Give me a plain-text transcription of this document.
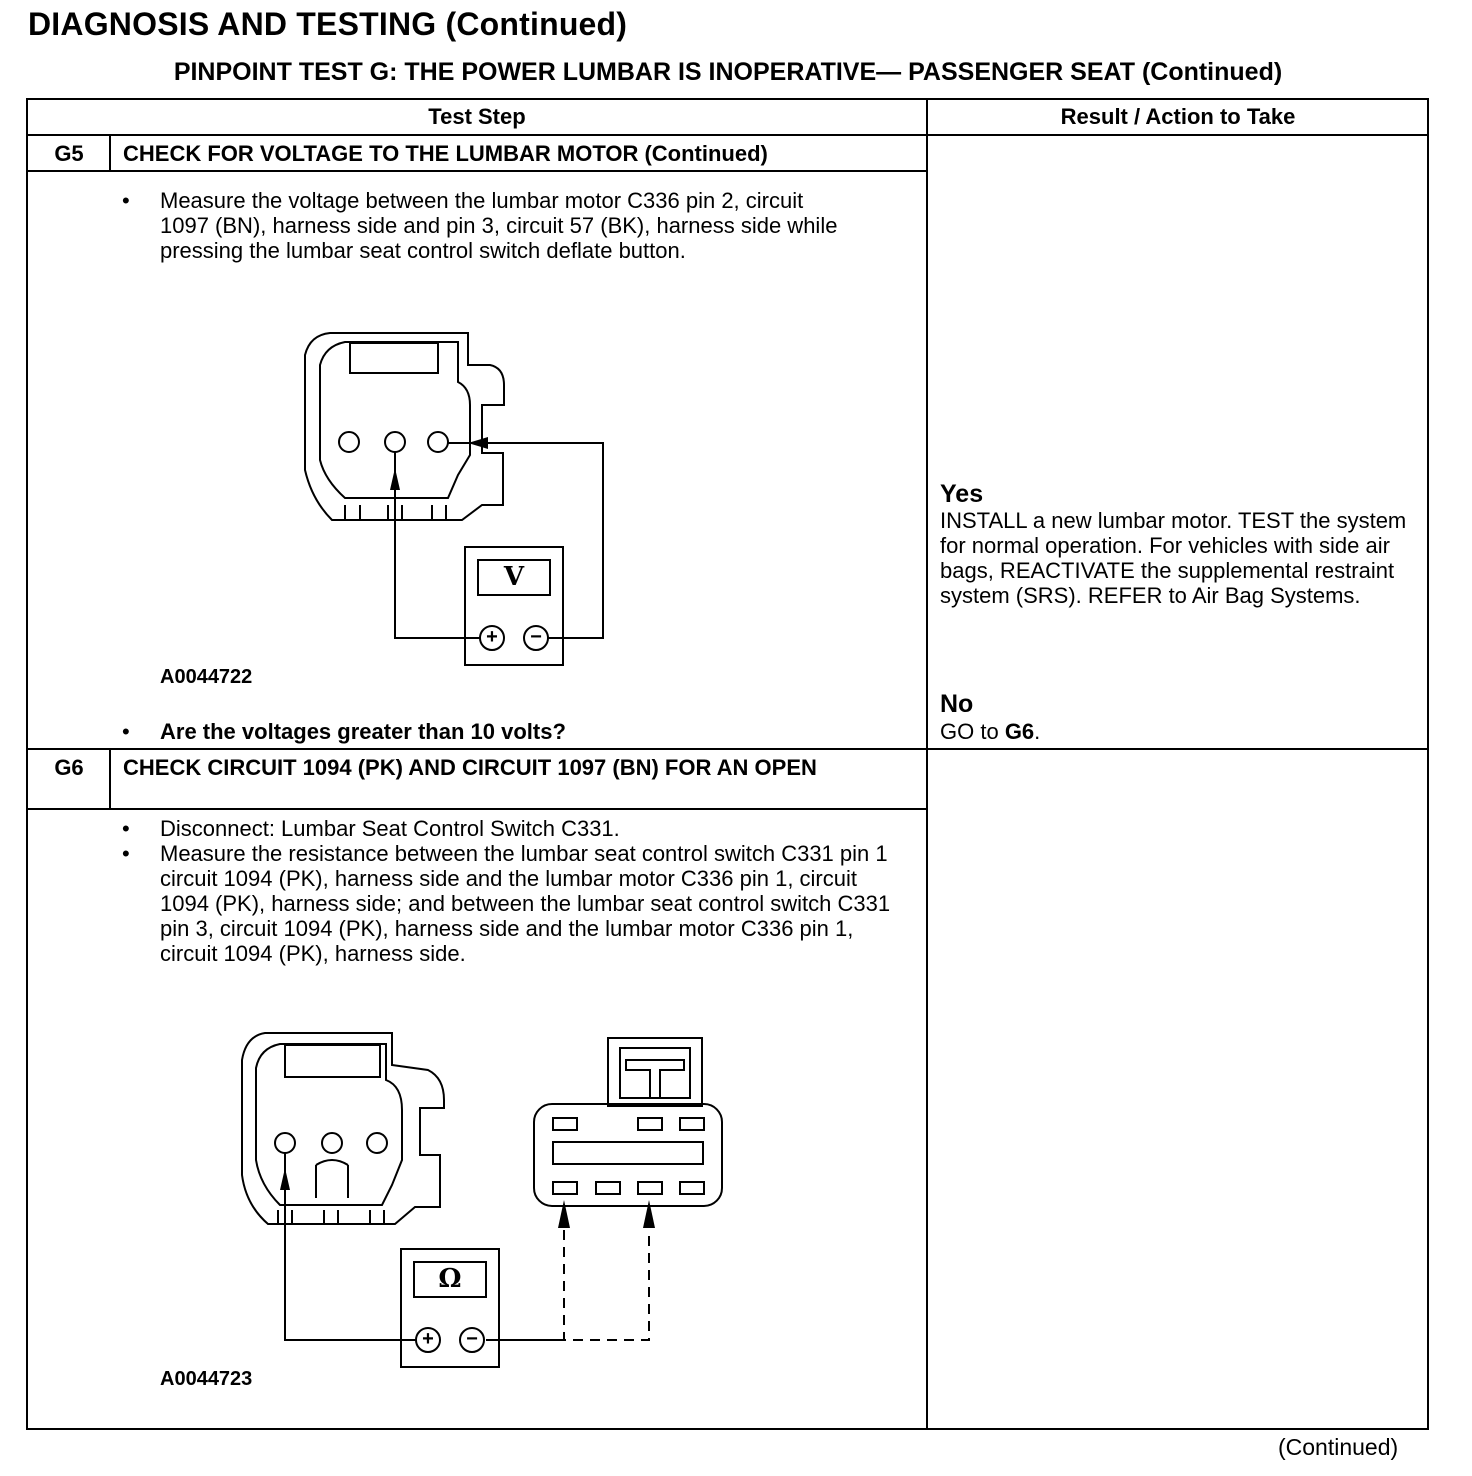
DIAGNOSIS AND TESTING (Continued)
PINPOINT TEST G: THE POWER LUMBAR IS INOPERATIVE— PASSENGER SEAT (Continued)
Test Step	Result / Action to Take
G5	CHECK FOR VOLTAGE TO THE LUMBAR MOTOR (Continued)
• Measure the voltage between the lumbar motor C336 pin 2, circuit 1097 (BN), harness side and pin 3, circuit 57 (BK), harness side while pressing the lumbar seat control switch deflate button.
V
+ −
A0044722
• Are the voltages greater than 10 volts?
Yes
INSTALL a new lumbar motor. TEST the system for normal operation. For vehicles with side air bags, REACTIVATE the supplemental restraint system (SRS). REFER to Air Bag Systems.
No
GO to G6.
G6	CHECK CIRCUIT 1094 (PK) AND CIRCUIT 1097 (BN) FOR AN OPEN
• Disconnect: Lumbar Seat Control Switch C331.
• Measure the resistance between the lumbar seat control switch C331 pin 1 circuit 1094 (PK), harness side and the lumbar motor C336 pin 1, circuit 1094 (PK), harness side; and between the lumbar seat control switch C331 pin 3, circuit 1094 (PK), harness side and the lumbar motor C336 pin 1, circuit 1094 (PK), harness side.
Ω
+ −
A0044723
(Continued)
